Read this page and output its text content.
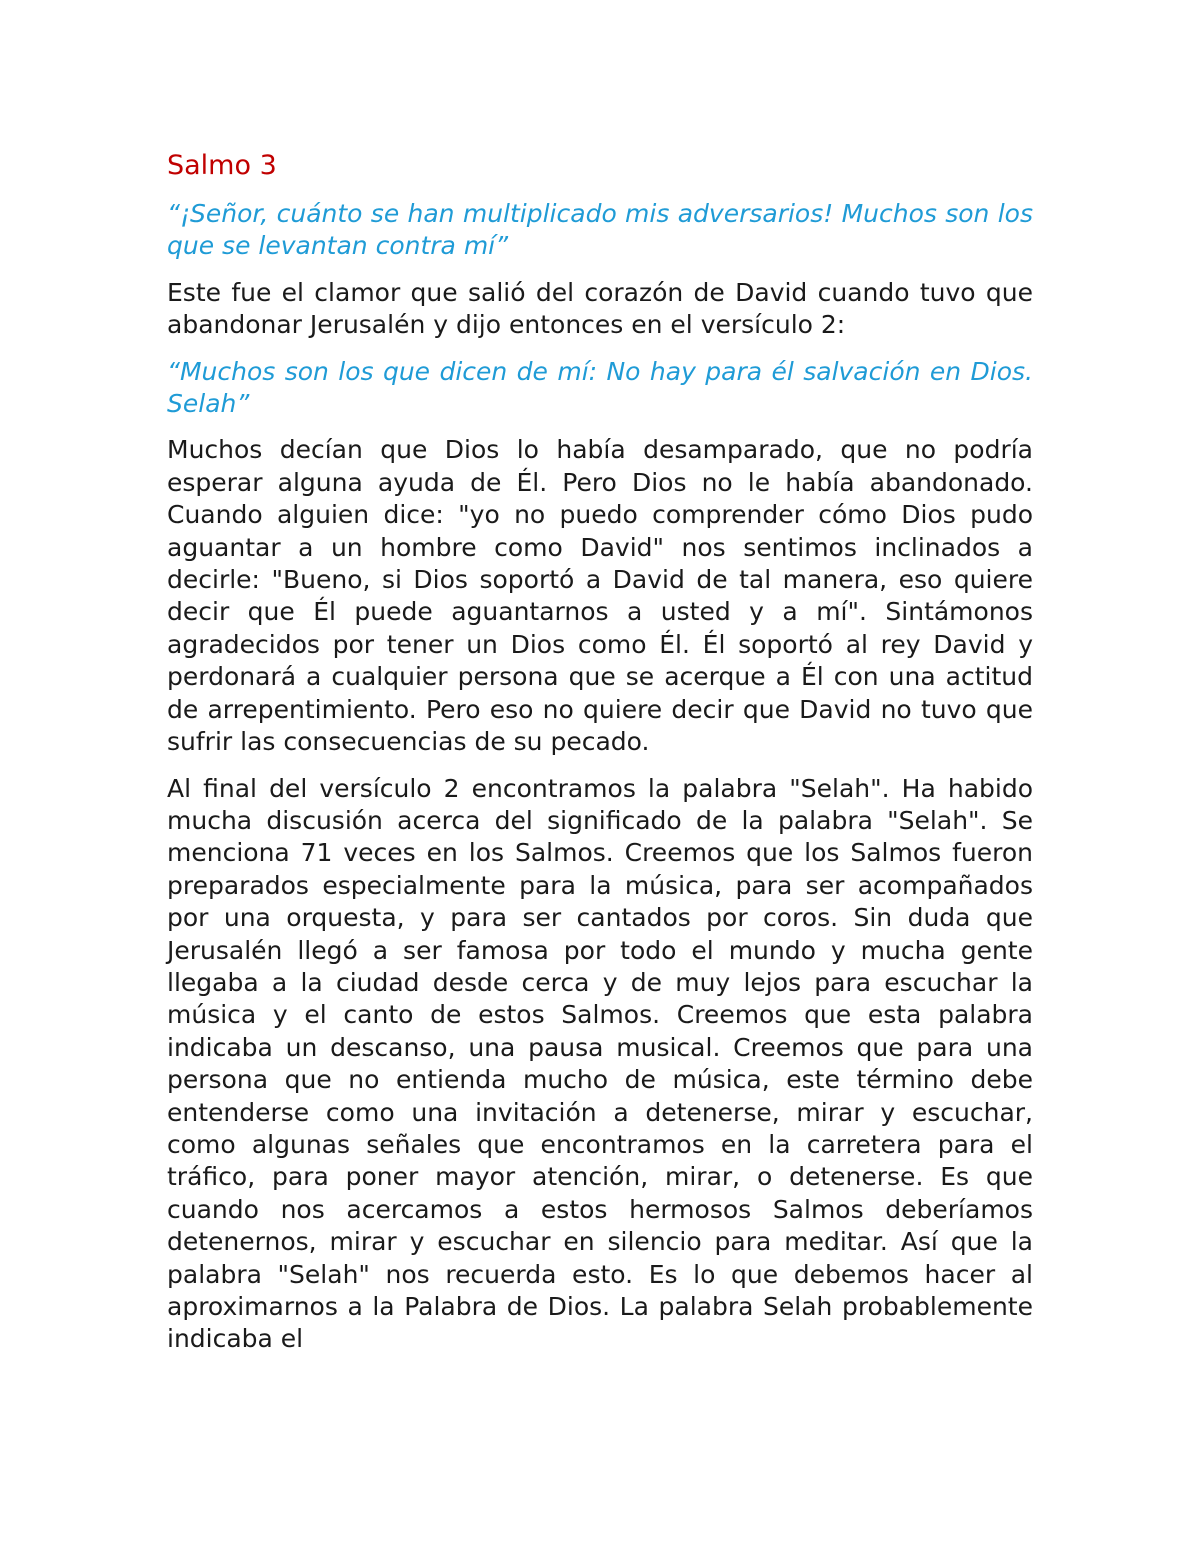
Salmo 3

“¡Señor, cuánto se han multiplicado mis adversarios! Muchos son los que se levantan contra mí”

Este fue el clamor que salió del corazón de David cuando tuvo que abandonar Jerusalén y dijo entonces en el versículo 2:

“Muchos son los que dicen de mí: No hay para él salvación en Dios. Selah”

Muchos decían que Dios lo había desamparado, que no podría esperar alguna ayuda de Él. Pero Dios no le había abandonado. Cuando alguien dice: "yo no puedo comprender cómo Dios pudo aguantar a un hombre como David" nos sentimos inclinados a decirle: "Bueno, si Dios soportó a David de tal manera, eso quiere decir que Él puede aguantarnos a usted y a mí". Sintámonos agradecidos por tener un Dios como Él. Él soportó al rey David y perdonará a cualquier persona que se acerque a Él con una actitud de arrepentimiento. Pero eso no quiere decir que David no tuvo que sufrir las consecuencias de su pecado.

Al final del versículo 2 encontramos la palabra "Selah". Ha habido mucha discusión acerca del significado de la palabra "Selah". Se menciona 71 veces en los Salmos. Creemos que los Salmos fueron preparados especialmente para la música, para ser acompañados por una orquesta, y para ser cantados por coros. Sin duda que Jerusalén llegó a ser famosa por todo el mundo y mucha gente llegaba a la ciudad desde cerca y de muy lejos para escuchar la música y el canto de estos Salmos. Creemos que esta palabra indicaba un descanso, una pausa musical. Creemos que para una persona que no entienda mucho de música, este término debe entenderse como una invitación a detenerse, mirar y escuchar, como algunas señales que encontramos en la carretera para el tráfico, para poner mayor atención, mirar, o detenerse. Es que cuando nos acercamos a estos hermosos Salmos deberíamos detenernos, mirar y escuchar en silencio para meditar. Así que la palabra "Selah" nos recuerda esto. Es lo que debemos hacer al aproximarnos a la Palabra de Dios. La palabra Selah probablemente indicaba el
